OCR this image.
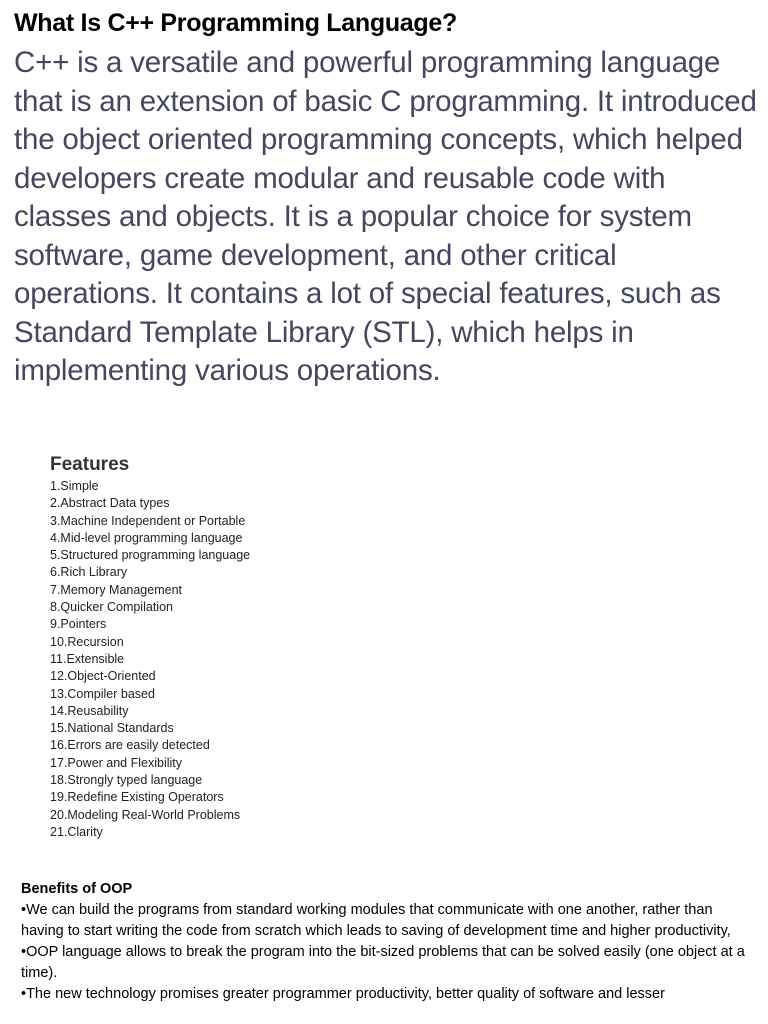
What Is C++ Programming Language?

C++ is a versatile and powerful programming language that is an extension of basic C programming. It introduced the object oriented programming concepts, which helped developers create modular and reusable code with classes and objects. It is a popular choice for system software, game development, and other critical operations. It contains a lot of special features, such as Standard Template Library (STL), which helps in implementing various operations.

Features
1.Simple
2.Abstract Data types
3.Machine Independent or Portable
4.Mid-level programming language
5.Structured programming language
6.Rich Library
7.Memory Management
8.Quicker Compilation
9.Pointers
10.Recursion
11.Extensible
12.Object-Oriented
13.Compiler based
14.Reusability
15.National Standards
16.Errors are easily detected
17.Power and Flexibility
18.Strongly typed language
19.Redefine Existing Operators
20.Modeling Real-World Problems
21.Clarity
Benefits of OOP
•We can build the programs from standard working modules that communicate with one another, rather than having to start writing the code from scratch which leads to saving of development time and higher productivity,
•OOP language allows to break the program into the bit-sized problems that can be solved easily (one object at a time).
•The new technology promises greater programmer productivity, better quality of software and lesser
